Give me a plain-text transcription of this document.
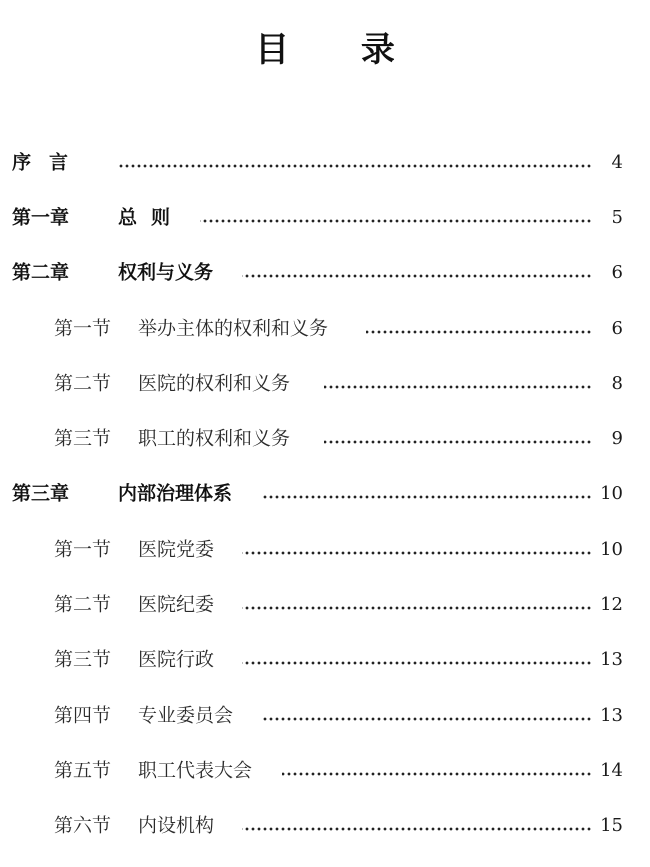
目 录
序言	4
第一章	总则	5
第二章	权利与义务	6
第一节 举办主体的权利和义务	6
第二节 医院的权利和义务	8
第三节 职工的权利和义务	9
第三章	内部治理体系	10
第一节 医院党委	10
第二节 医院纪委	12
第三节 医院行政	13
第四节 专业委员会	13
第五节 职工代表大会	14
第六节 内设机构	15
